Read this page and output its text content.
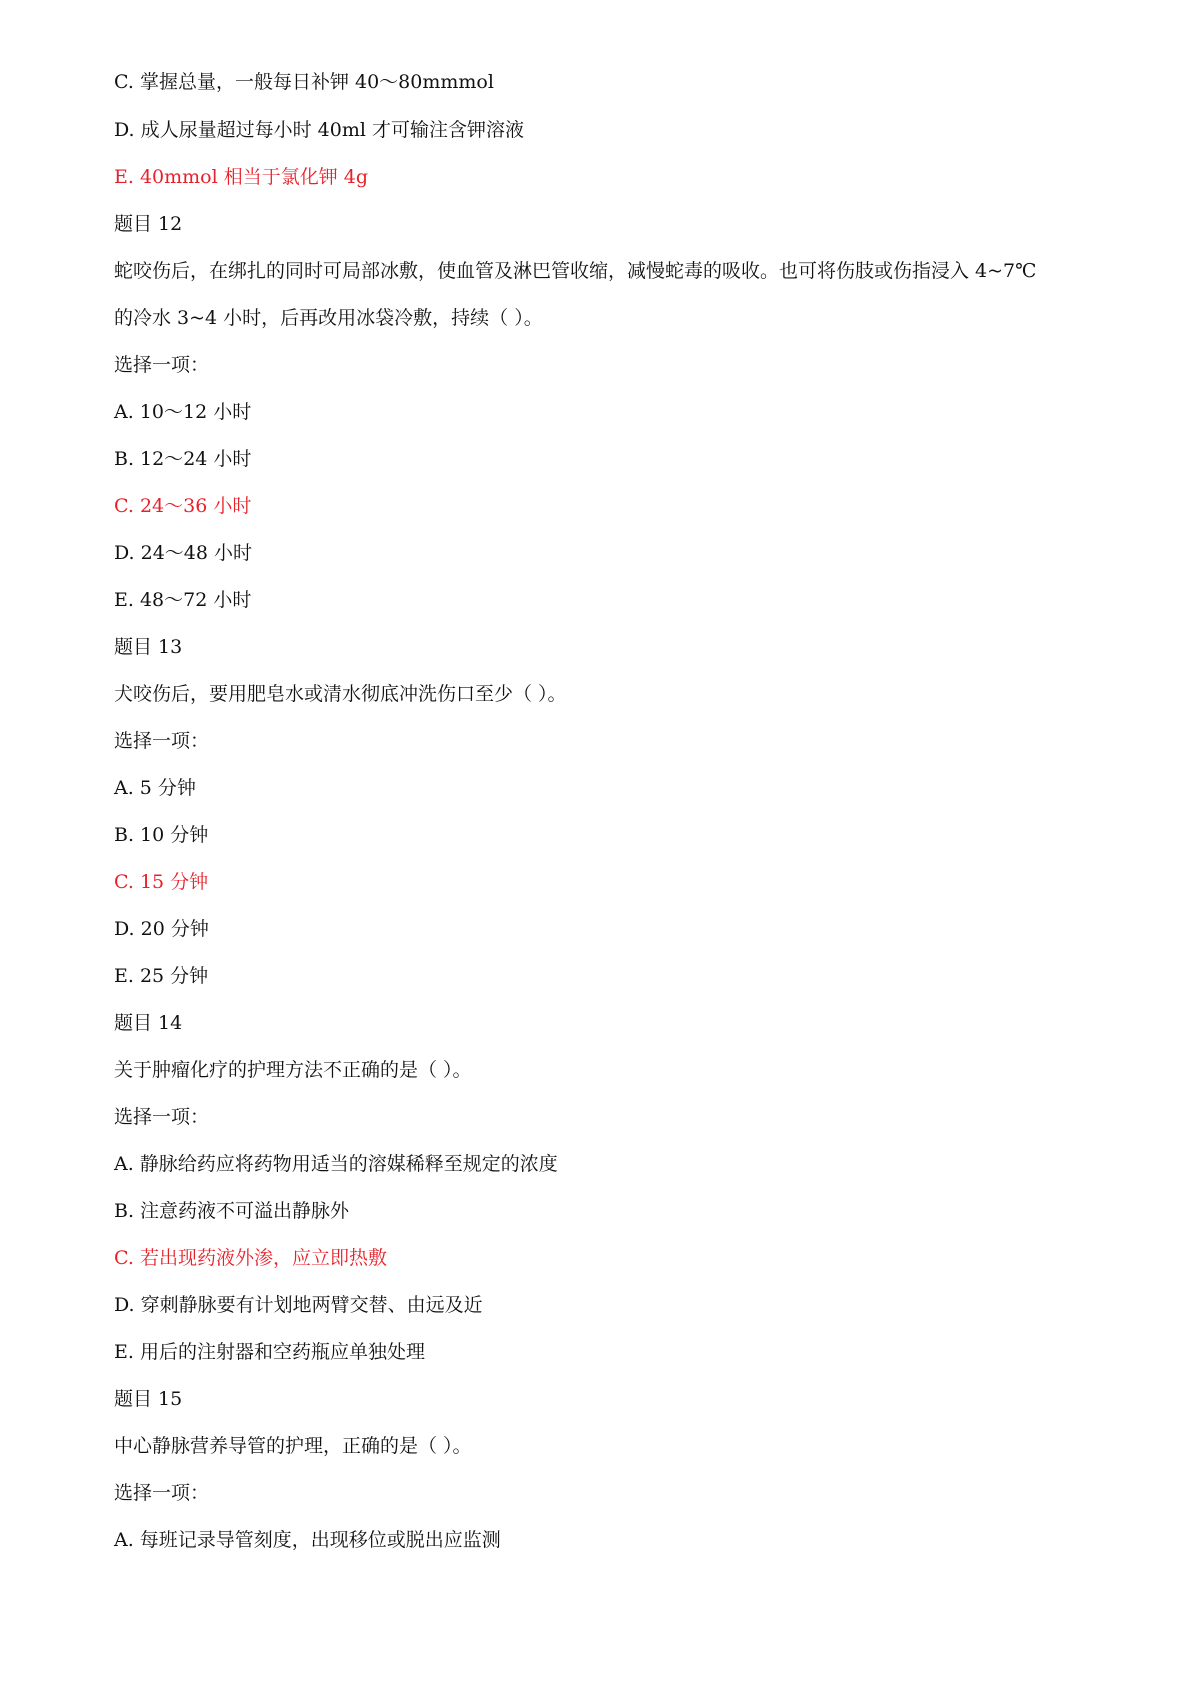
C. 掌握总量，一般每日补钾 40～80mmmol
D. 成人尿量超过每小时 40ml 才可输注含钾溶液
E. 40mmol 相当于氯化钾 4g
题目 12
蛇咬伤后，在绑扎的同时可局部冰敷，使血管及淋巴管收缩，减慢蛇毒的吸收。也可将伤肢或伤指浸入 4~7℃
的冷水 3~4 小时，后再改用冰袋冷敷，持续（ ）。
选择一项：
A. 10～12 小时
B. 12～24 小时
C. 24～36 小时
D. 24～48 小时
E. 48～72 小时
题目 13
犬咬伤后，要用肥皂水或清水彻底冲洗伤口至少（ ）。
选择一项：
A. 5 分钟
B. 10 分钟
C. 15 分钟
D. 20 分钟
E. 25 分钟
题目 14
关于肿瘤化疗的护理方法不正确的是（ ）。
选择一项：
A. 静脉给药应将药物用适当的溶媒稀释至规定的浓度
B. 注意药液不可溢出静脉外
C. 若出现药液外渗，应立即热敷
D. 穿刺静脉要有计划地两臂交替、由远及近
E. 用后的注射器和空药瓶应单独处理
题目 15
中心静脉营养导管的护理，正确的是（ ）。
选择一项：
A. 每班记录导管刻度，出现移位或脱出应监测
